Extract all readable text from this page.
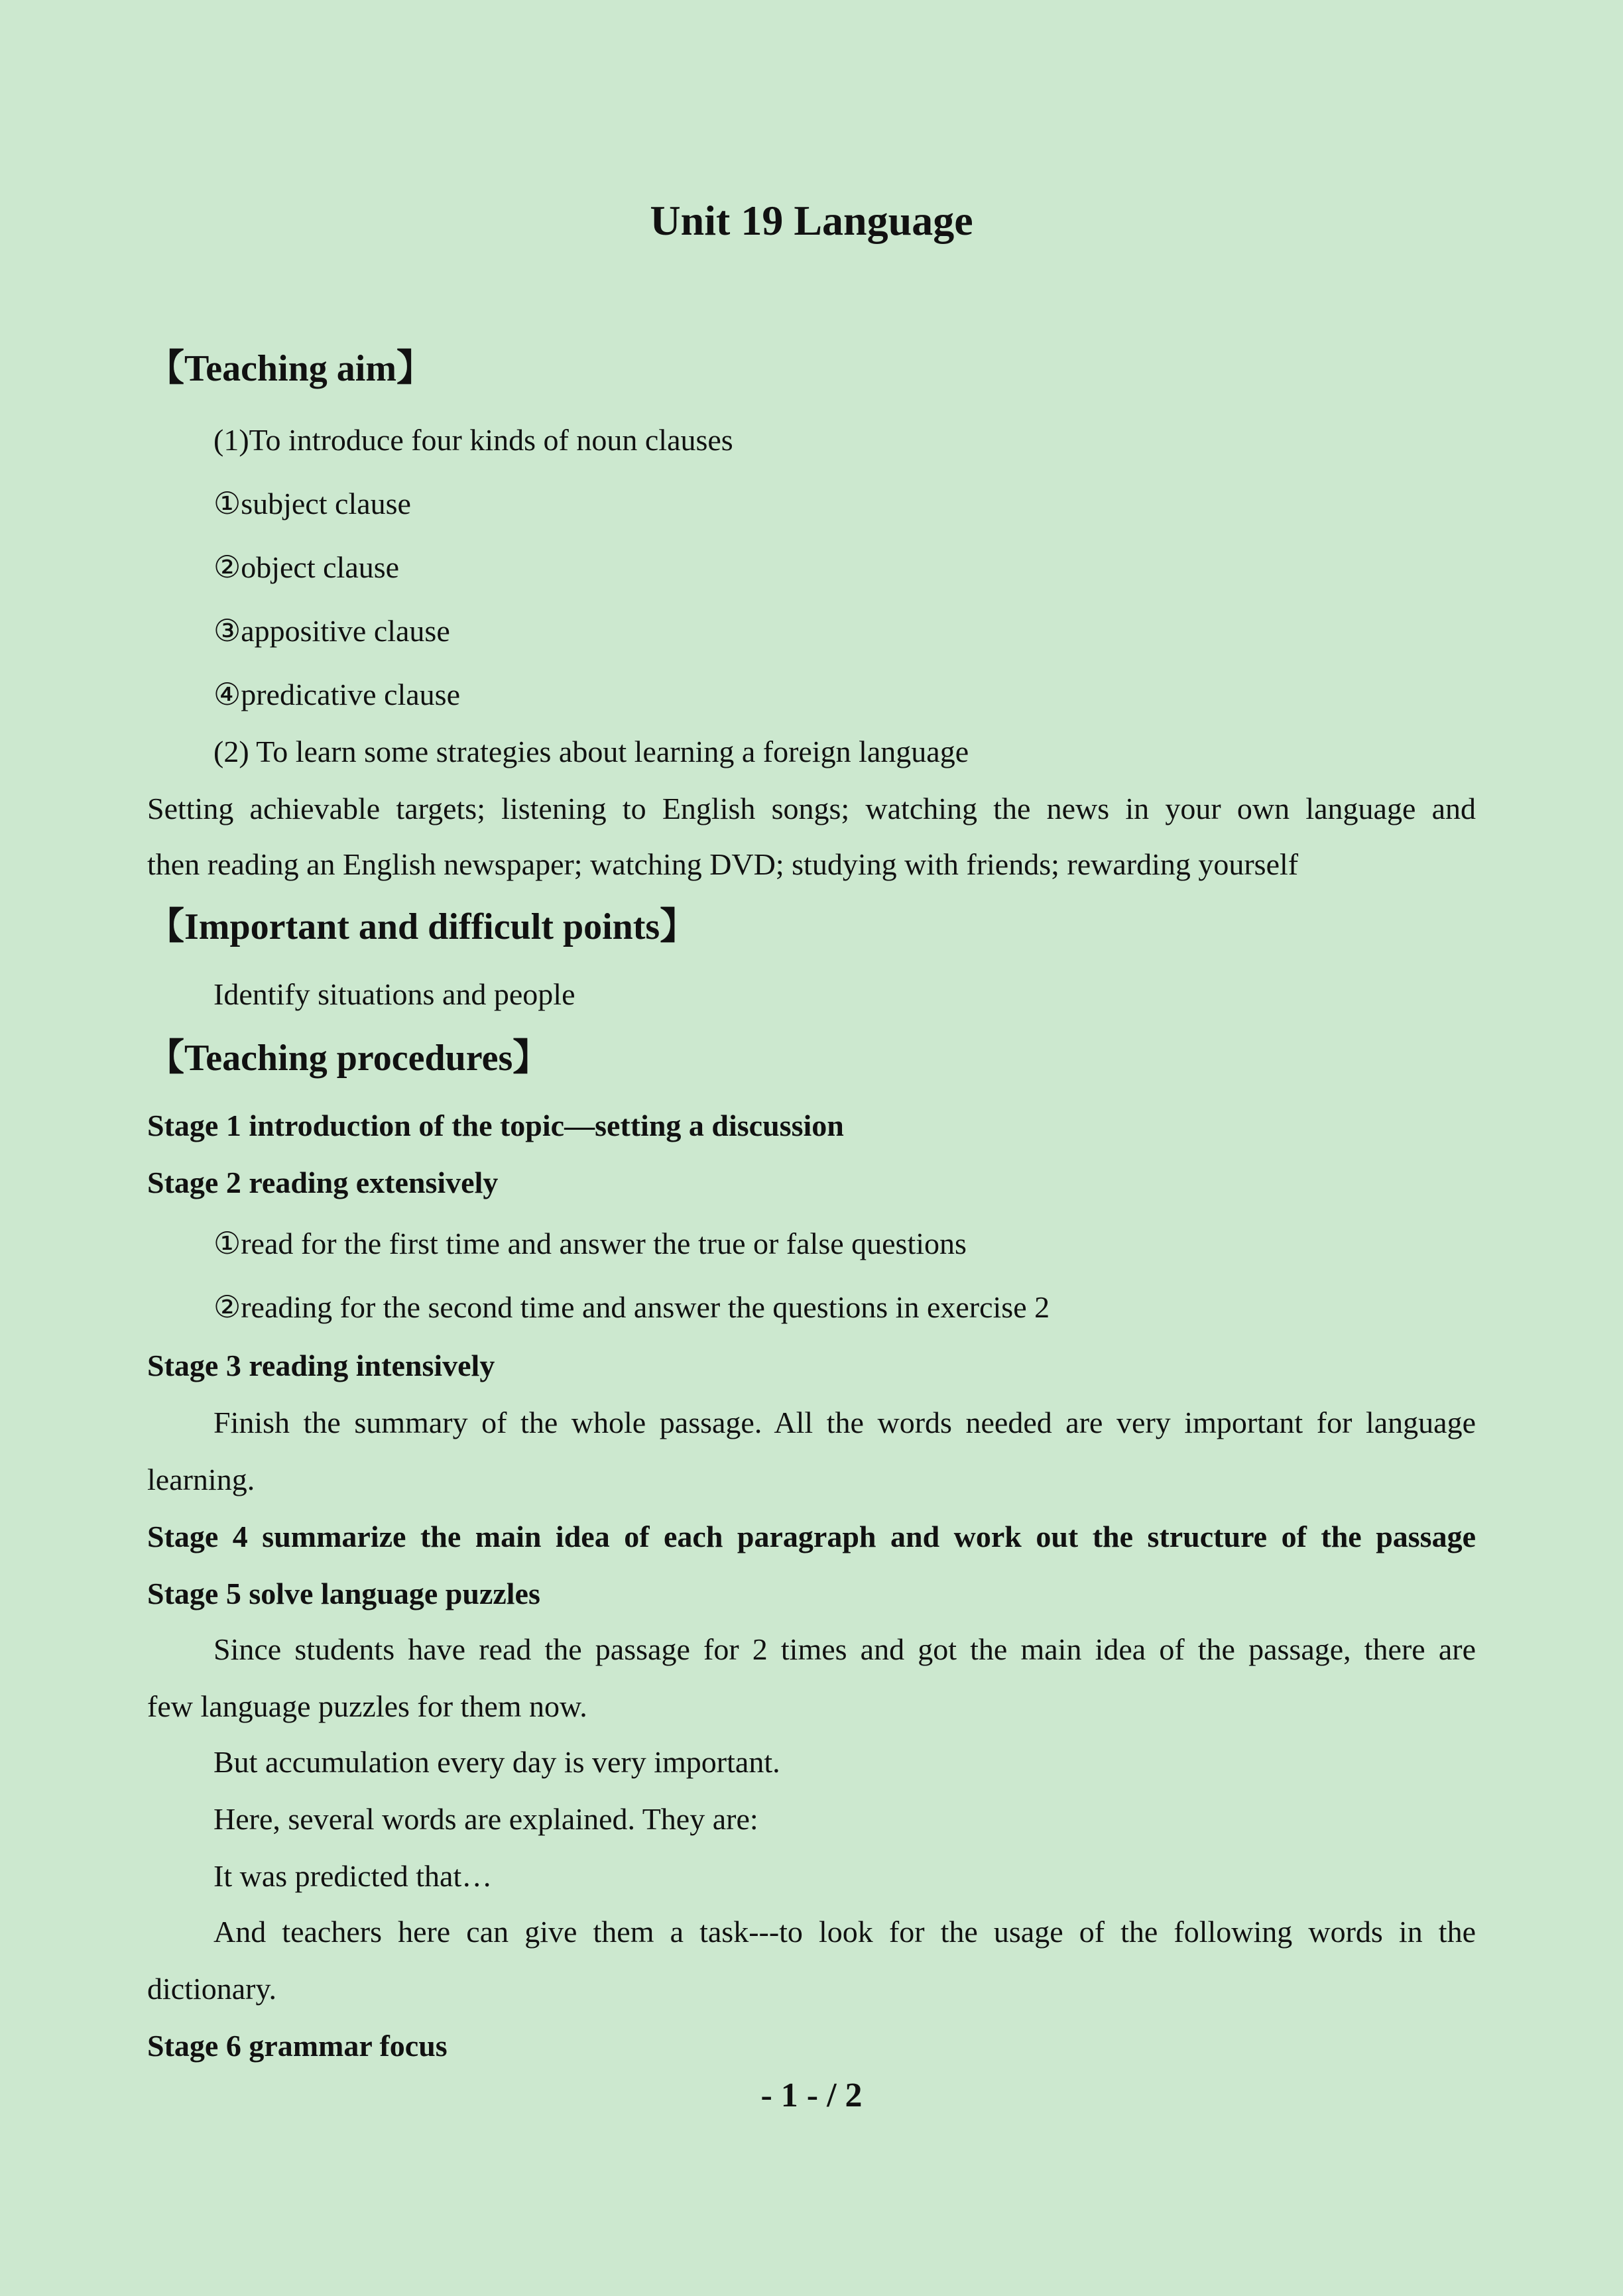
Unit 19 Language
【Teaching aim】
(1)To introduce four kinds of noun clauses
①subject clause
②object clause
③appositive clause
④predicative clause
(2) To learn some strategies about learning a foreign language
Setting achievable targets; listening to English songs; watching the news in your own language and
then reading an English newspaper; watching DVD; studying with friends; rewarding yourself
【Important and difficult points】
Identify situations and people
【Teaching procedures】
Stage 1 introduction of the topic—setting a discussion
Stage 2 reading extensively
①read for the first time and answer the true or false questions
②reading for the second time and answer the questions in exercise 2
Stage 3 reading intensively
Finish the summary of the whole passage. All the words needed are very important for language
learning.
Stage 4 summarize the main idea of each paragraph and work out the structure of the passage
Stage 5 solve language puzzles
Since students have read the passage for 2 times and got the main idea of the passage, there are
few language puzzles for them now.
But accumulation every day is very important.
Here, several words are explained. They are:
It was predicted that…
And teachers here can give them a task---to look for the usage of the following words in the
dictionary.
Stage 6 grammar focus
- 1 - / 2
